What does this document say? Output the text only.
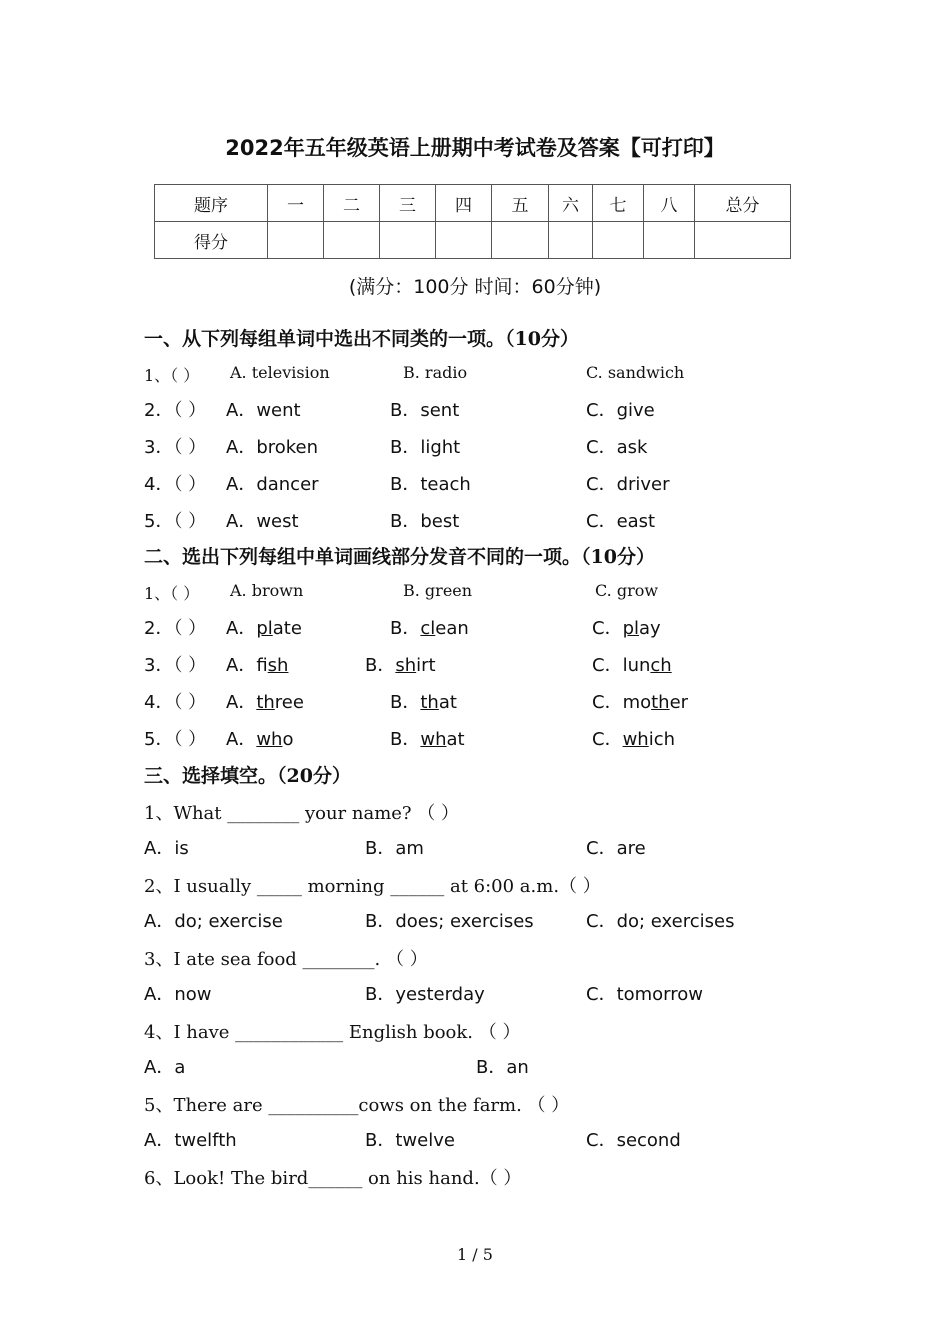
2022年五年级英语上册期中考试卷及答案【可打印】
题序	一	二	三	四	五	六	七	八	总分
得分									
(满分：100分 时间：60分钟)
一、从下列每组单词中选出不同类的一项。（10分）
1、（ ） A. television	B. radio	C. sandwich
2．（ ） A．went	B．sent	C．give
3．（ ） A．broken	B．light	C．ask
4．（ ） A．dancer	B．teach	C．driver
5．（ ） A．west	B．best	C．east
二、选出下列每组中单词画线部分发音不同的一项。（10分）
1、（ ） A. brown	B. green	C. grow
2．（ ） A．plate	B．clean	C．play
3．（ ） A．fish	B．shirt	C．lunch
4．（ ） A．three	B．that	C．mother
5．（ ） A．who	B．what	C．which
三、选择填空。（20分）
1、What ________ your name? （ ）
A．is	B．am	C．are
2、I usually _____ morning ______ at 6:00 a.m.（ ）
A．do; exercise	B．does; exercises	C．do; exercises
3、I ate sea food ________. （ ）
A．now	B．yesterday	C．tomorrow
4、I have ____________ English book. （ ）
A．a	B．an
5、There are __________cows on the farm. （ ）
A．twelfth	B．twelve	C．second
6、Look! The bird______ on his hand.（ ）
1 / 5
